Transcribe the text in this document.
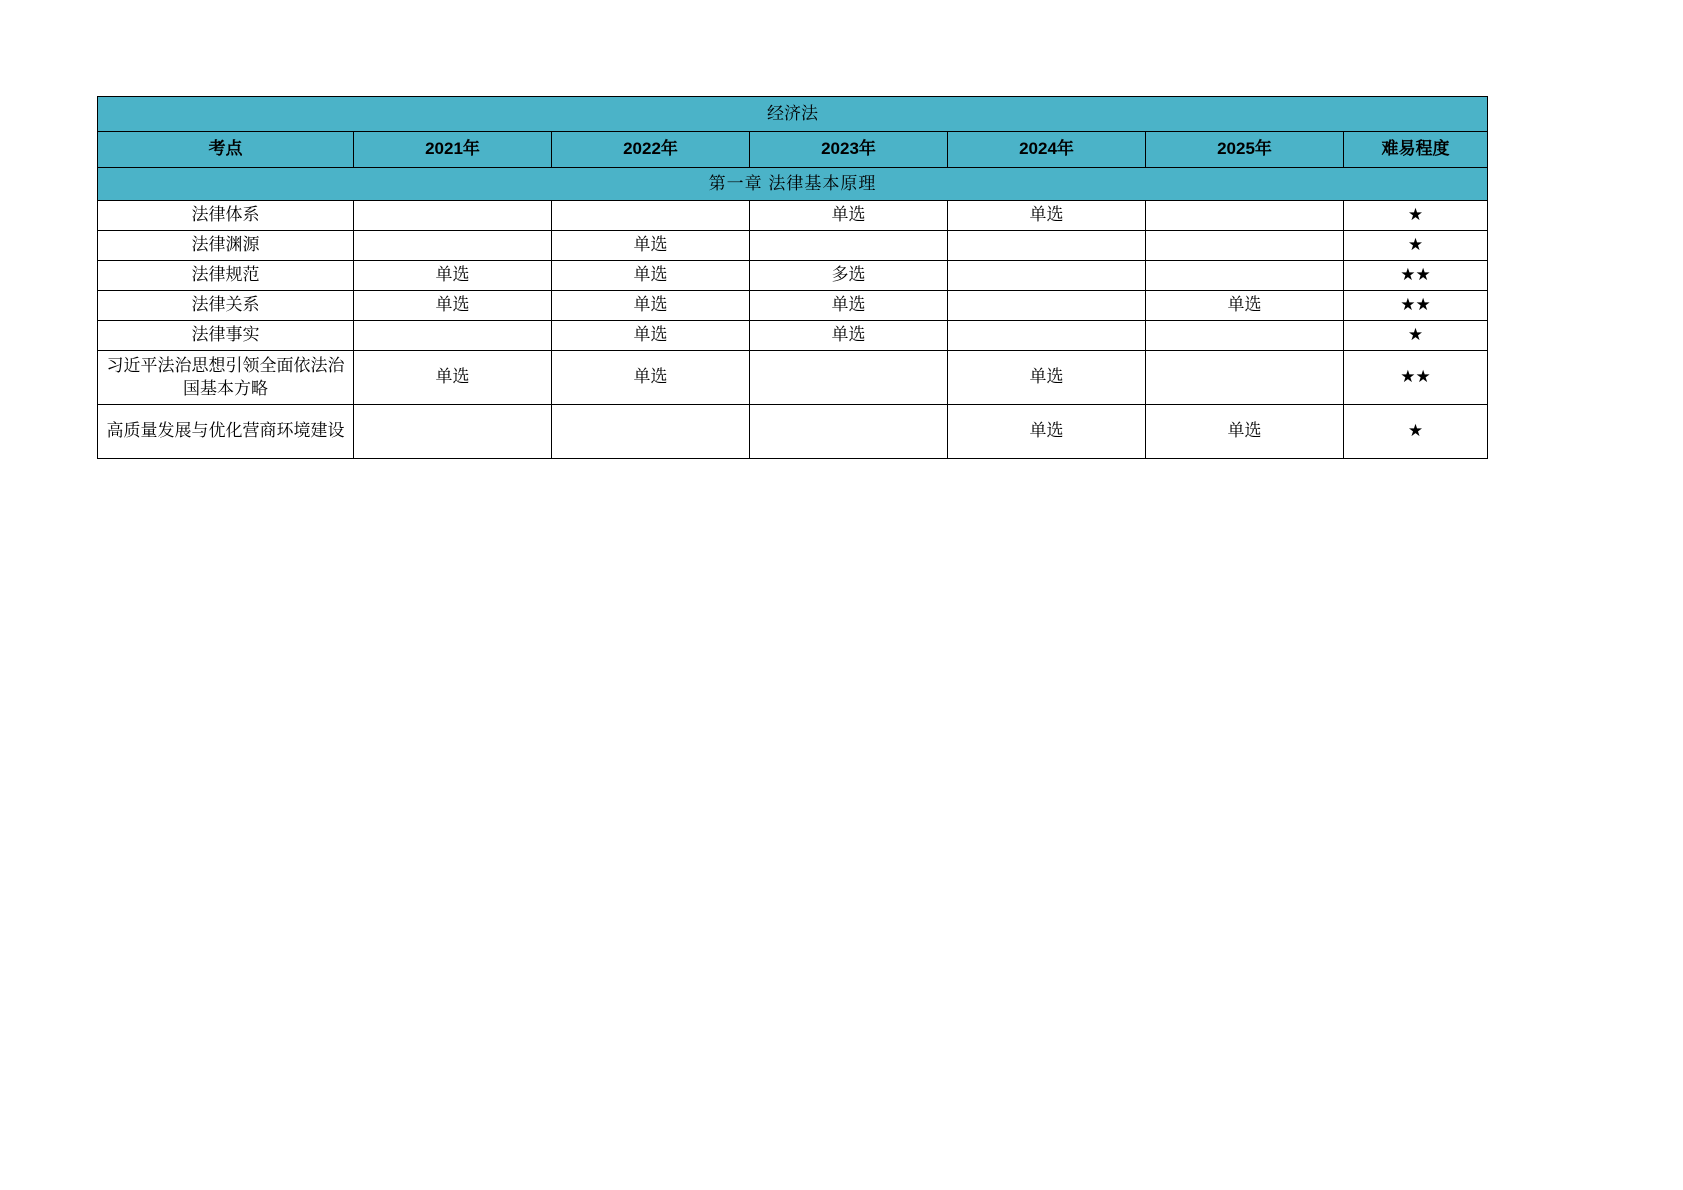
经济法						
考点	2021年	2022年	2023年	2024年	2025年	难易程度
第一章 法律基本原理						
法律体系			单选	单选		★
法律渊源		单选				★
法律规范	单选	单选	多选			★★
法律关系	单选	单选	单选		单选	★★
法律事实		单选	单选			★
习近平法治思想引领全面依法治国基本方略	单选	单选		单选		★★
高质量发展与优化营商环境建设				单选	单选	★
